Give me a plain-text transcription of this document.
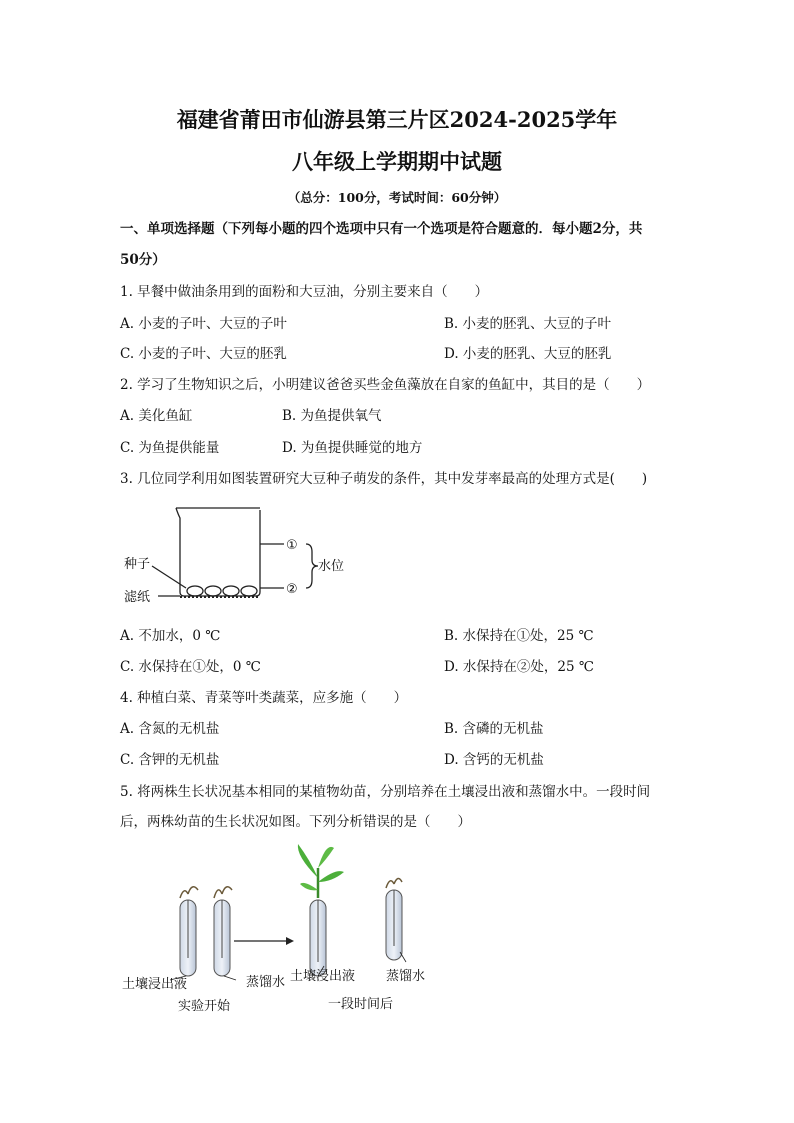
福建省莆田市仙游县第三片区2024-2025学年
八年级上学期期中试题
（总分：100分，考试时间：60分钟）
一、单项选择题（下列每小题的四个选项中只有一个选项是符合题意的．每小题2分，共
50分）
1. 早餐中做油条用到的面粉和大豆油，分别主要来自（　　）
A. 小麦的子叶、大豆的子叶	B. 小麦的胚乳、大豆的子叶
C. 小麦的子叶、大豆的胚乳	D. 小麦的胚乳、大豆的胚乳
2. 学习了生物知识之后，小明建议爸爸买些金鱼藻放在自家的鱼缸中，其目的是（　　）
A. 美化鱼缸	B. 为鱼提供氧气
C. 为鱼提供能量	D. 为鱼提供睡觉的地方
3. 几位同学利用如图装置研究大豆种子萌发的条件，其中发芽率最高的处理方式是(　　)
种子
滤纸
①
②
水位
A. 不加水，0 ℃	B. 水保持在①处，25 ℃
C. 水保持在①处，0 ℃	D. 水保持在②处，25 ℃
4. 种植白菜、青菜等叶类蔬菜，应多施（　　）
A. 含氮的无机盐	B. 含磷的无机盐
C. 含钾的无机盐	D. 含钙的无机盐
5. 将两株生长状况基本相同的某植物幼苗，分别培养在土壤浸出液和蒸馏水中。一段时间
后，两株幼苗的生长状况如图。下列分析错误的是（　　）
土壤浸出液	蒸馏水
实验开始
土壤浸出液 蒸馏水
一段时间后
